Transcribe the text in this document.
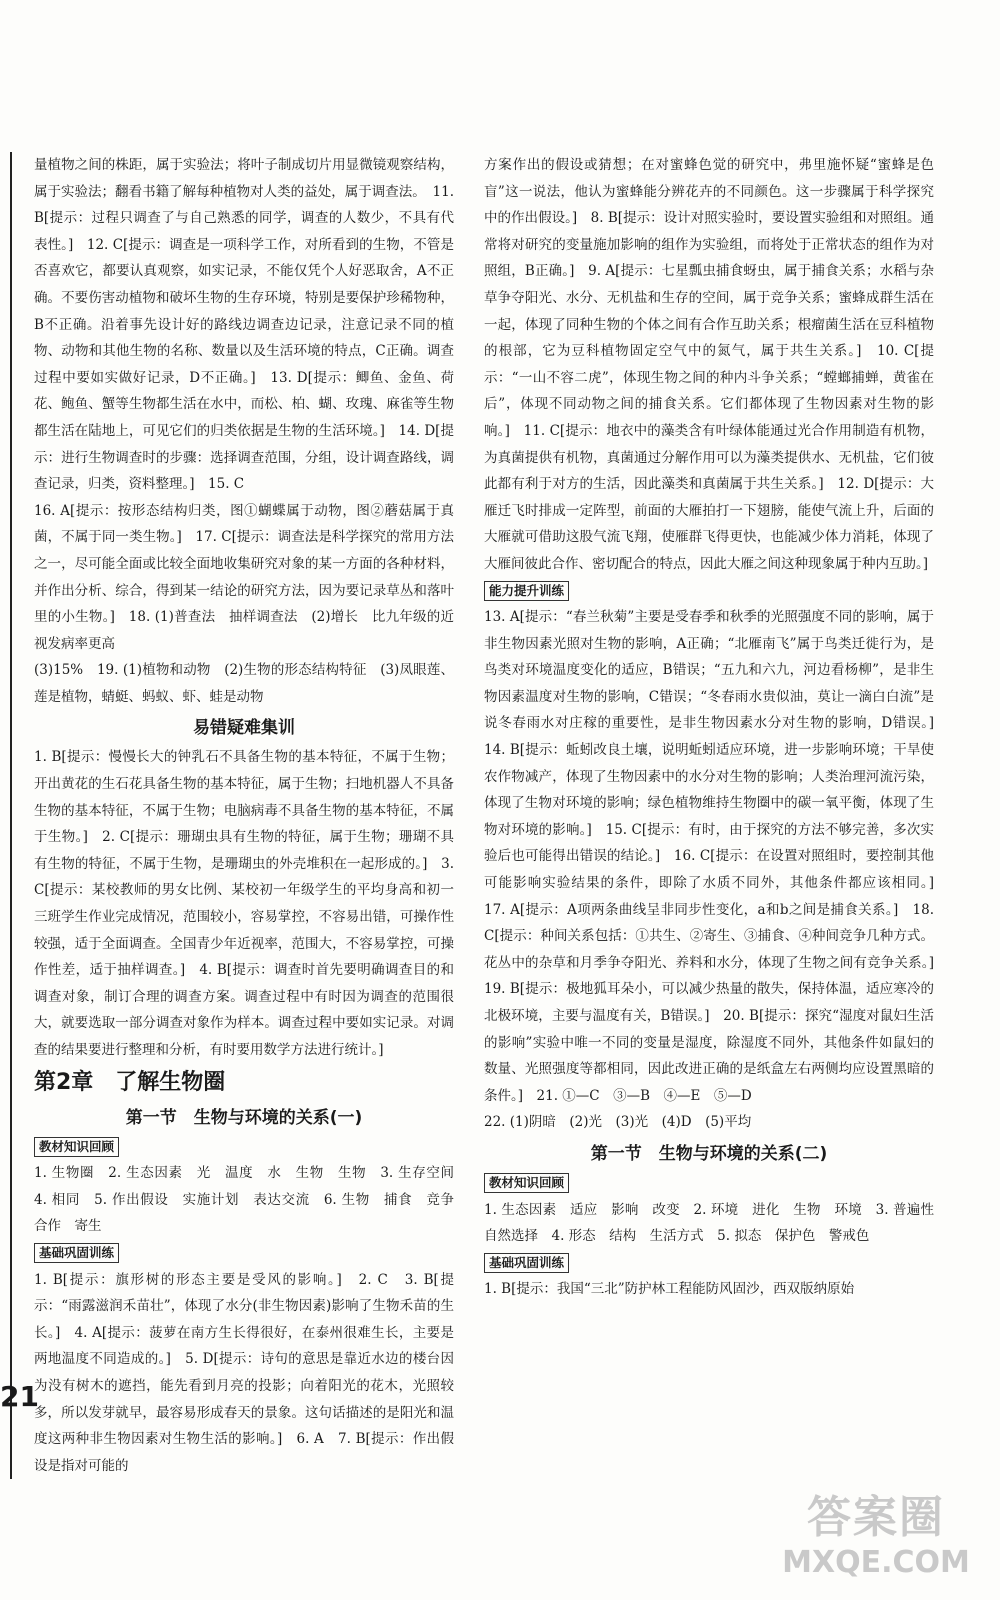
量植物之间的株距，属于实验法；将叶子制成切片用显微镜观察结构，属于实验法；翻看书籍了解每种植物对人类的益处，属于调查法。　11. B[提示：过程只调查了与自己熟悉的同学，调查的人数少，不具有代表性。]　12. C[提示：调查是一项科学工作，对所看到的生物，不管是否喜欢它，都要认真观察，如实记录，不能仅凭个人好恶取舍，A不正确。不要伤害动植物和破坏生物的生存环境，特别是要保护珍稀物种，B不正确。沿着事先设计好的路线边调查边记录，注意记录不同的植物、动物和其他生物的名称、数量以及生活环境的特点，C正确。调查过程中要如实做好记录，D不正确。]　13. D[提示：鲫鱼、金鱼、荷花、鲍鱼、蟹等生物都生活在水中，而松、柏、蝴、玫瑰、麻雀等生物都生活在陆地上，可见它们的归类依据是生物的生活环境。]　14. D[提示：进行生物调查时的步骤：选择调查范围，分组，设计调查路线，调查记录，归类，资料整理。]　15. C

16. A[提示：按形态结构归类，图①蝴蝶属于动物，图②蘑菇属于真菌，不属于同一类生物。]　17. C[提示：调查法是科学探究的常用方法之一，尽可能全面或比较全面地收集研究对象的某一方面的各种材料，并作出分析、综合，得到某一结论的研究方法，因为要记录草丛和落叶里的小生物。]　18. (1)普查法　抽样调查法　(2)增长　比九年级的近视发病率更高

(3)15%　19. (1)植物和动物　(2)生物的形态结构特征　(3)凤眼莲、莲是植物，蜻蜓、蚂蚁、虾、蛙是动物

易错疑难集训

1. B[提示：慢慢长大的钟乳石不具备生物的基本特征，不属于生物；开出黄花的生石花具备生物的基本特征，属于生物；扫地机器人不具备生物的基本特征，不属于生物；电脑病毒不具备生物的基本特征，不属于生物。]　2. C[提示：珊瑚虫具有生物的特征，属于生物；珊瑚不具有生物的特征，不属于生物，是珊瑚虫的外壳堆积在一起形成的。]　3. C[提示：某校教师的男女比例、某校初一年级学生的平均身高和初一三班学生作业完成情况，范围较小，容易掌控，不容易出错，可操作性较强，适于全面调查。全国青少年近视率，范围大，不容易掌控，可操作性差，适于抽样调查。]　4. B[提示：调查时首先要明确调查目的和调查对象，制订合理的调查方案。调查过程中有时因为调查的范围很大，就要选取一部分调查对象作为样本。调查过程中要如实记录。对调查的结果要进行整理和分析，有时要用数学方法进行统计。]

第2章　了解生物圈
第一节　生物与环境的关系(一)
教材知识回顾

1. 生物圈　2. 生态因素　光　温度　水　生物　生物　3. 生存空间　4. 相同　5. 作出假设　实施计划　表达交流　6. 生物　捕食　竞争　合作　寄生

基础巩固训练

1. B[提示：旗形树的形态主要是受风的影响。]　2. C　3. B[提示：“雨露滋润禾苗壮”，体现了水分(非生物因素)影响了生物禾苗的生长。]　4. A[提示：菠萝在南方生长得很好，在泰州很难生长，主要是两地温度不同造成的。]　5. D[提示：诗句的意思是靠近水边的楼台因为没有树木的遮挡，能先看到月亮的投影；向着阳光的花木，光照较多，所以发芽就早，最容易形成春天的景象。这句话描述的是阳光和温度这两种非生物因素对生物生活的影响。]　6. A　7. B[提示：作出假设是指对可能的

方案作出的假设或猜想；在对蜜蜂色觉的研究中，弗里施怀疑“蜜蜂是色盲”这一说法，他认为蜜蜂能分辨花卉的不同颜色。这一步骤属于科学探究中的作出假设。]　8. B[提示：设计对照实验时，要设置实验组和对照组。通常将对研究的变量施加影响的组作为实验组，而将处于正常状态的组作为对照组，B正确。]　9. A[提示：七星瓢虫捕食蚜虫，属于捕食关系；水稻与杂草争夺阳光、水分、无机盐和生存的空间，属于竞争关系；蜜蜂成群生活在一起，体现了同种生物的个体之间有合作互助关系；根瘤菌生活在豆科植物的根部，它为豆科植物固定空气中的氮气，属于共生关系。]　10. C[提示：“一山不容二虎”，体现生物之间的种内斗争关系；“螳螂捕蝉，黄雀在后”，体现不同动物之间的捕食关系。它们都体现了生物因素对生物的影响。]　11. C[提示：地衣中的藻类含有叶绿体能通过光合作用制造有机物，为真菌提供有机物，真菌通过分解作用可以为藻类提供水、无机盐，它们彼此都有利于对方的生活，因此藻类和真菌属于共生关系。]　12. D[提示：大雁迁飞时排成一定阵型，前面的大雁拍打一下翅膀，能使气流上升，后面的大雁就可借助这股气流飞翔，使雁群飞得更快，也能减少体力消耗，体现了大雁间彼此合作、密切配合的特点，因此大雁之间这种现象属于种内互助。]

能力提升训练

13. A[提示：“春兰秋菊”主要是受春季和秋季的光照强度不同的影响，属于非生物因素光照对生物的影响，A正确；“北雁南飞”属于鸟类迁徙行为，是鸟类对环境温度变化的适应，B错误；“五九和六九，河边看杨柳”，是非生物因素温度对生物的影响，C错误；“冬春雨水贵似油，莫让一滴白白流”是说冬春雨水对庄稼的重要性，是非生物因素水分对生物的影响，D错误。]　14. B[提示：蚯蚓改良土壤，说明蚯蚓适应环境，进一步影响环境；干旱使农作物减产，体现了生物因素中的水分对生物的影响；人类治理河流污染，体现了生物对环境的影响；绿色植物维持生物圈中的碳一氧平衡，体现了生物对环境的影响。]　15. C[提示：有时，由于探究的方法不够完善，多次实验后也可能得出错误的结论。]　16. C[提示：在设置对照组时，要控制其他可能影响实验结果的条件，即除了水质不同外，其他条件都应该相同。]　17. A[提示：A项两条曲线呈非同步性变化，a和b之间是捕食关系。]　18. C[提示：种间关系包括：①共生、②寄生、③捕食、④种间竞争几种方式。花丛中的杂草和月季争夺阳光、养料和水分，体现了生物之间有竞争关系。]　19. B[提示：极地狐耳朵小，可以减少热量的散失，保持体温，适应寒冷的北极环境，主要与温度有关，B错误。]　20. B[提示：探究“湿度对鼠妇生活的影响”实验中唯一不同的变量是湿度，除湿度不同外，其他条件如鼠妇的数量、光照强度等都相同，因此改进正确的是纸盒左右两侧均应设置黑暗的条件。]　21. ①—C　③—B　④—E　⑤—D

22. (1)阴暗　(2)光　(3)光　(4)D　(5)平均

第一节　生物与环境的关系(二)
教材知识回顾

1. 生态因素　适应　影响　改变　2. 环境　进化　生物　环境　3. 普遍性　自然选择　4. 形态　结构　生活方式　5. 拟态　保护色　警戒色

基础巩固训练

1. B[提示：我国“三北”防护林工程能防风固沙，西双版纳原始

21
答案圈
MXQE.COM
